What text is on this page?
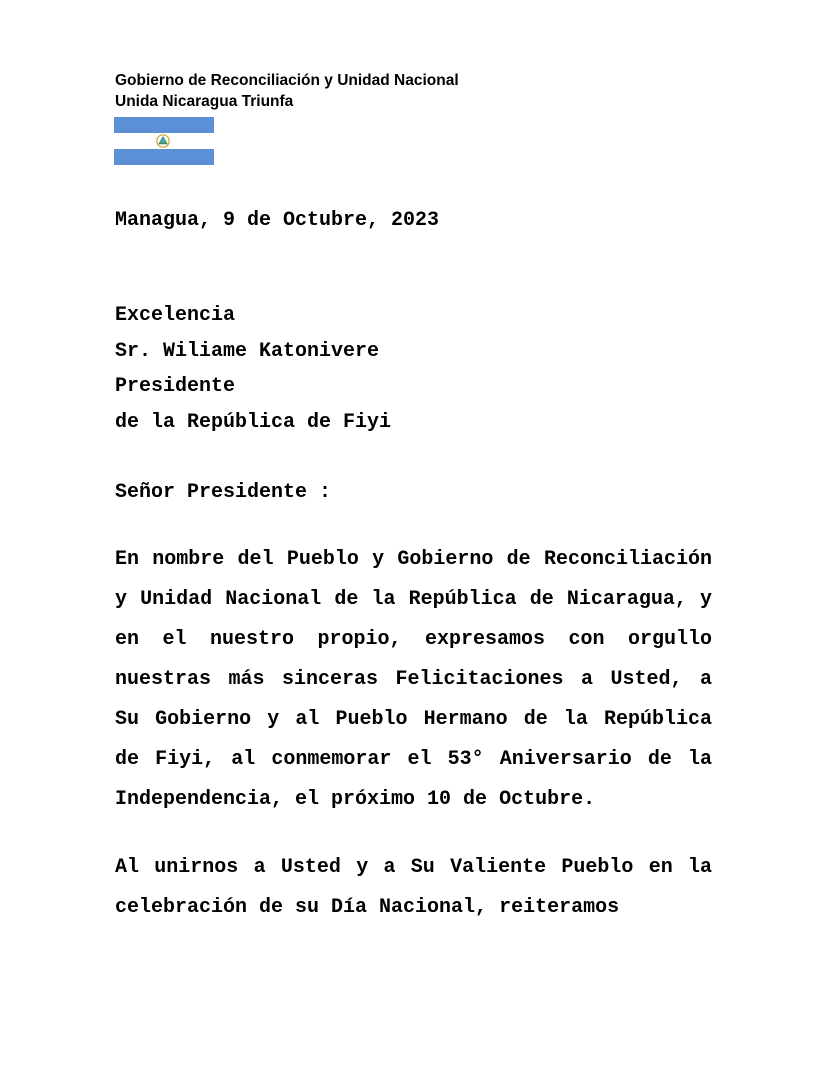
Gobierno de Reconciliación y Unidad Nacional
Unida Nicaragua Triunfa
Managua, 9 de Octubre, 2023
Excelencia
Sr. Wiliame Katonivere
Presidente
de la República de Fiyi
Señor Presidente :
En nombre del Pueblo y Gobierno de Reconciliación y Unidad Nacional de la República de Nicaragua, y en el nuestro propio, expresamos con orgullo nuestras más sinceras Felicitaciones a Usted, a Su Gobierno y al Pueblo Hermano de la República de Fiyi, al conmemorar el 53° Aniversario de la Independencia, el próximo 10 de Octubre.
Al unirnos a Usted y a Su Valiente Pueblo en la celebración de su Día Nacional, reiteramos
